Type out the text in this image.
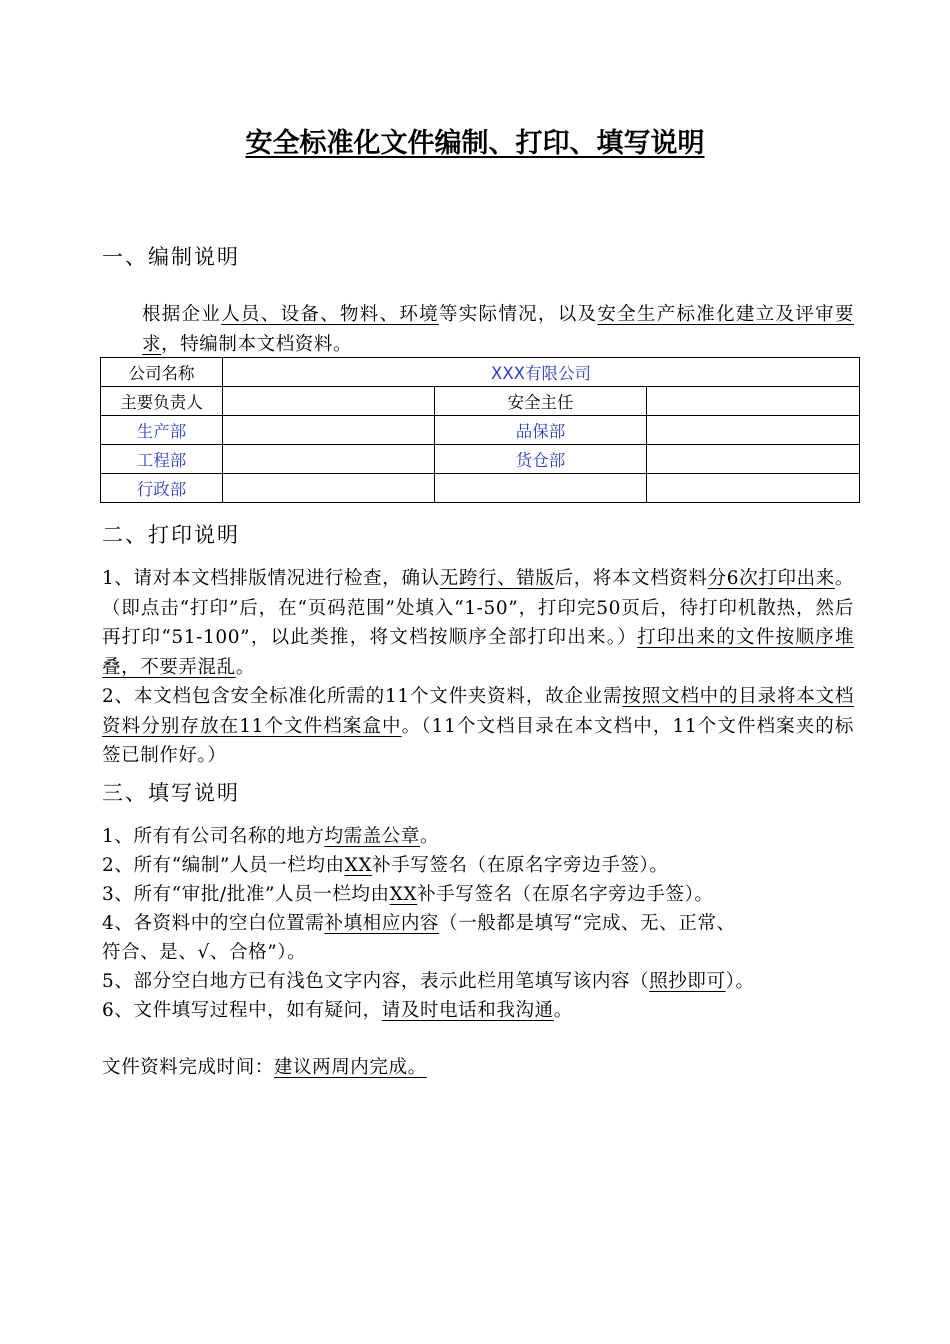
安全标准化文件编制、打印、填写说明
一、编制说明
根据企业人员、设备、物料、环境等实际情况，以及安全生产标准化建立及评审要求，特编制本文档资料。
公司名称	XXX有限公司		
主要负责人		安全主任	
生产部		品保部	
工程部		货仓部	
行政部			
二、打印说明
1、请对本文档排版情况进行检查，确认无跨行、错版后，将本文档资料分6次打印出来。（即点击“打印”后，在“页码范围”处填入“1-50”，打印完50页后，待打印机散热，然后再打印“51-100”，以此类推，将文档按顺序全部打印出来。）打印出来的文件按顺序堆叠，不要弄混乱。
2、本文档包含安全标准化所需的11个文件夹资料，故企业需按照文档中的目录将本文档资料分别存放在11个文件档案盒中。（11个文档目录在本文档中，11个文件档案夹的标签已制作好。）
三、填写说明
1、所有有公司名称的地方均需盖公章。
2、所有“编制”人员一栏均由XX补手写签名（在原名字旁边手签）。
3、所有“审批/批准”人员一栏均由XX补手写签名（在原名字旁边手签）。
4、各资料中的空白位置需补填相应内容（一般都是填写“完成、无、正常、
符合、是、√、合格”）。
5、部分空白地方已有浅色文字内容，表示此栏用笔填写该内容（照抄即可）。
6、文件填写过程中，如有疑问，请及时电话和我沟通。
文件资料完成时间：建议两周内完成。
